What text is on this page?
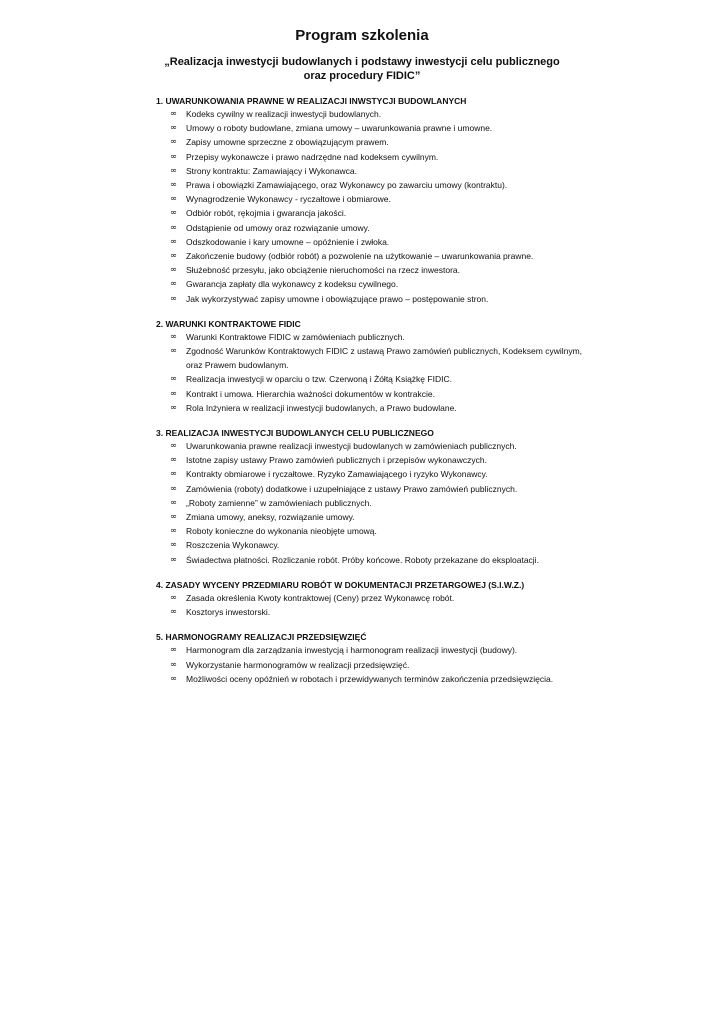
Program szkolenia
„Realizacja inwestycji budowlanych i podstawy inwestycji celu publicznego oraz procedury FIDIC”
1. UWARUNKOWANIA PRAWNE W REALIZACJI INWSTYCJI BUDOWLANYCH
∞ Kodeks cywilny w realizacji inwestycji budowlanych.
∞ Umowy o roboty budowlane, zmiana umowy – uwarunkowania prawne i umowne.
∞ Zapisy umowne sprzeczne z obowiązującym prawem.
∞ Przepisy wykonawcze i prawo nadrzędne nad kodeksem cywilnym.
∞ Strony kontraktu: Zamawiający i Wykonawca.
∞ Prawa i obowiązki Zamawiającego, oraz Wykonawcy po zawarciu umowy (kontraktu).
∞ Wynagrodzenie Wykonawcy - ryczałtowe i obmiarowe.
∞ Odbiór robót, rękojmia i gwarancja jakości.
∞ Odstąpienie od umowy oraz rozwiązanie umowy.
∞ Odszkodowanie i kary umowne – opóźnienie i zwłoka.
∞ Zakończenie budowy (odbiór robót) a pozwolenie na użytkowanie – uwarunkowania prawne.
∞ Służebność przesyłu, jako obciążenie nieruchomości na rzecz inwestora.
∞ Gwarancja zapłaty dla wykonawcy z kodeksu cywilnego.
∞ Jak wykorzystywać zapisy umowne i obowiązujące prawo – postępowanie stron.
2. WARUNKI KONTRAKTOWE FIDIC
∞ Warunki Kontraktowe FIDIC w zamówieniach publicznych.
∞ Zgodność Warunków Kontraktowych FIDIC z ustawą Prawo zamówień publicznych, Kodeksem cywilnym, oraz Prawem budowlanym.
∞ Realizacja inwestycji w oparciu o tzw. Czerwoną i Żółtą Książkę FIDIC.
∞ Kontrakt i umowa. Hierarchia ważności dokumentów w kontrakcie.
∞ Rola Inżyniera w realizacji inwestycji budowlanych, a Prawo budowlane.
3. REALIZACJA INWESTYCJI BUDOWLANYCH CELU PUBLICZNEGO
∞ Uwarunkowania prawne realizacji inwestycji budowlanych w zamówieniach publicznych.
∞ Istotne zapisy ustawy Prawo zamówień publicznych i przepisów wykonawczych.
∞ Kontrakty obmiarowe i ryczałtowe. Ryzyko Zamawiającego i ryzyko Wykonawcy.
∞ Zamówienia (roboty) dodatkowe i uzupełniające z ustawy Prawo zamówień publicznych.
∞ „Roboty zamienne” w zamówieniach publicznych.
∞ Zmiana umowy, aneksy, rozwiązanie umowy.
∞ Roboty konieczne do wykonania nieobjęte umową.
∞ Roszczenia Wykonawcy.
∞ Świadectwa płatności. Rozliczanie robót. Próby końcowe. Roboty przekazane do eksploatacji.
4. ZASADY WYCENY PRZEDMIARU ROBÓT W DOKUMENTACJI PRZETARGOWEJ (S.I.W.Z.)
∞ Zasada określenia Kwoty kontraktowej (Ceny) przez Wykonawcę robót.
∞ Kosztorys inwestorski.
5. HARMONOGRAMY REALIZACJI PRZEDSIĘWZIĘĆ
∞ Harmonogram dla zarządzania inwestycją i harmonogram realizacji inwestycji (budowy).
∞ Wykorzystanie harmonogramów w realizacji przedsięwzięć.
∞ Możliwości oceny opóźnień w robotach i przewidywanych terminów zakończenia przedsięwzięcia.
